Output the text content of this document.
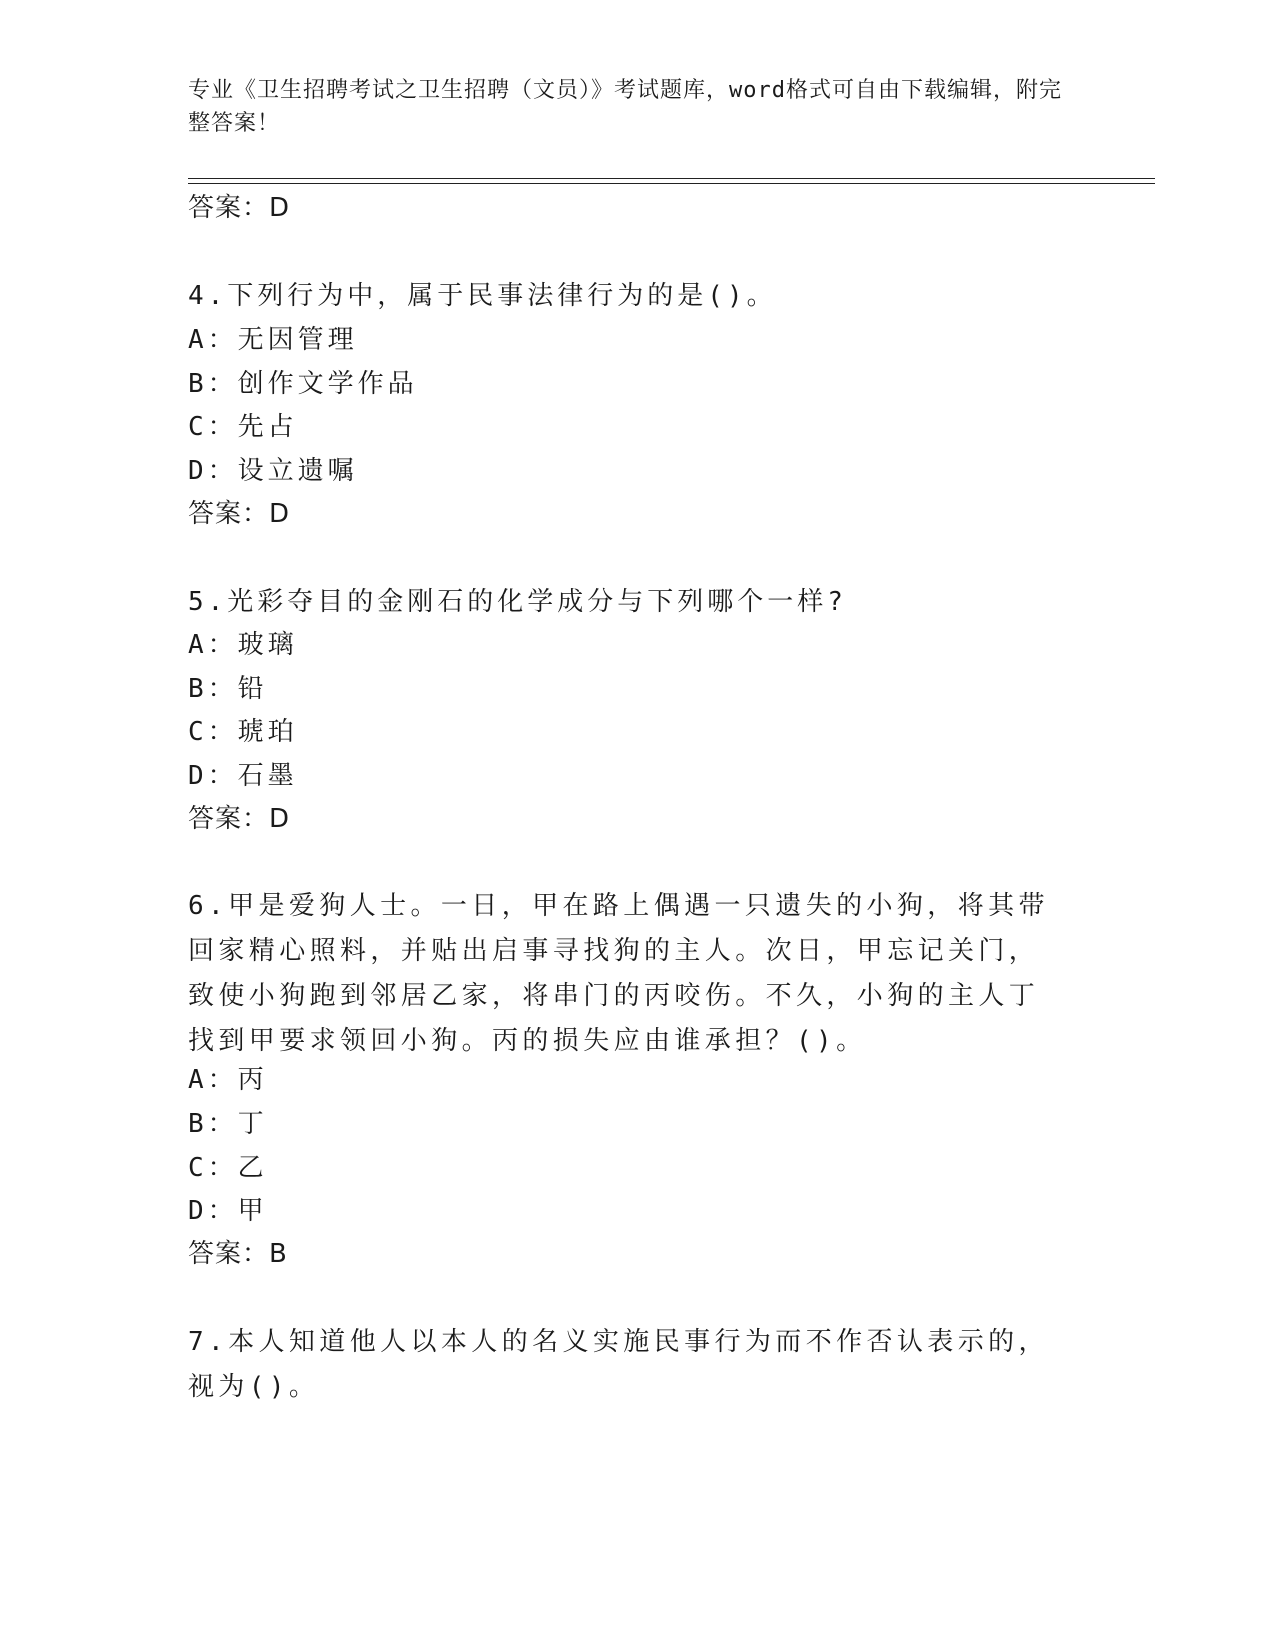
专业《卫生招聘考试之卫生招聘（文员）》考试题库，word格式可自由下载编辑，附完整答案！
答案：D
4.下列行为中，属于民事法律行为的是()。
A：无因管理
B：创作文学作品
C：先占
D：设立遗嘱
答案：D
5.光彩夺目的金刚石的化学成分与下列哪个一样?
A：玻璃
B：铅
C：琥珀
D：石墨
答案：D
6.甲是爱狗人士。一日，甲在路上偶遇一只遗失的小狗，将其带回家精心照料，并贴出启事寻找狗的主人。次日，甲忘记关门，致使小狗跑到邻居乙家，将串门的丙咬伤。不久，小狗的主人丁找到甲要求领回小狗。丙的损失应由谁承担？()。
A：丙
B：丁
C：乙
D：甲
答案：B
7.本人知道他人以本人的名义实施民事行为而不作否认表示的，视为()。
